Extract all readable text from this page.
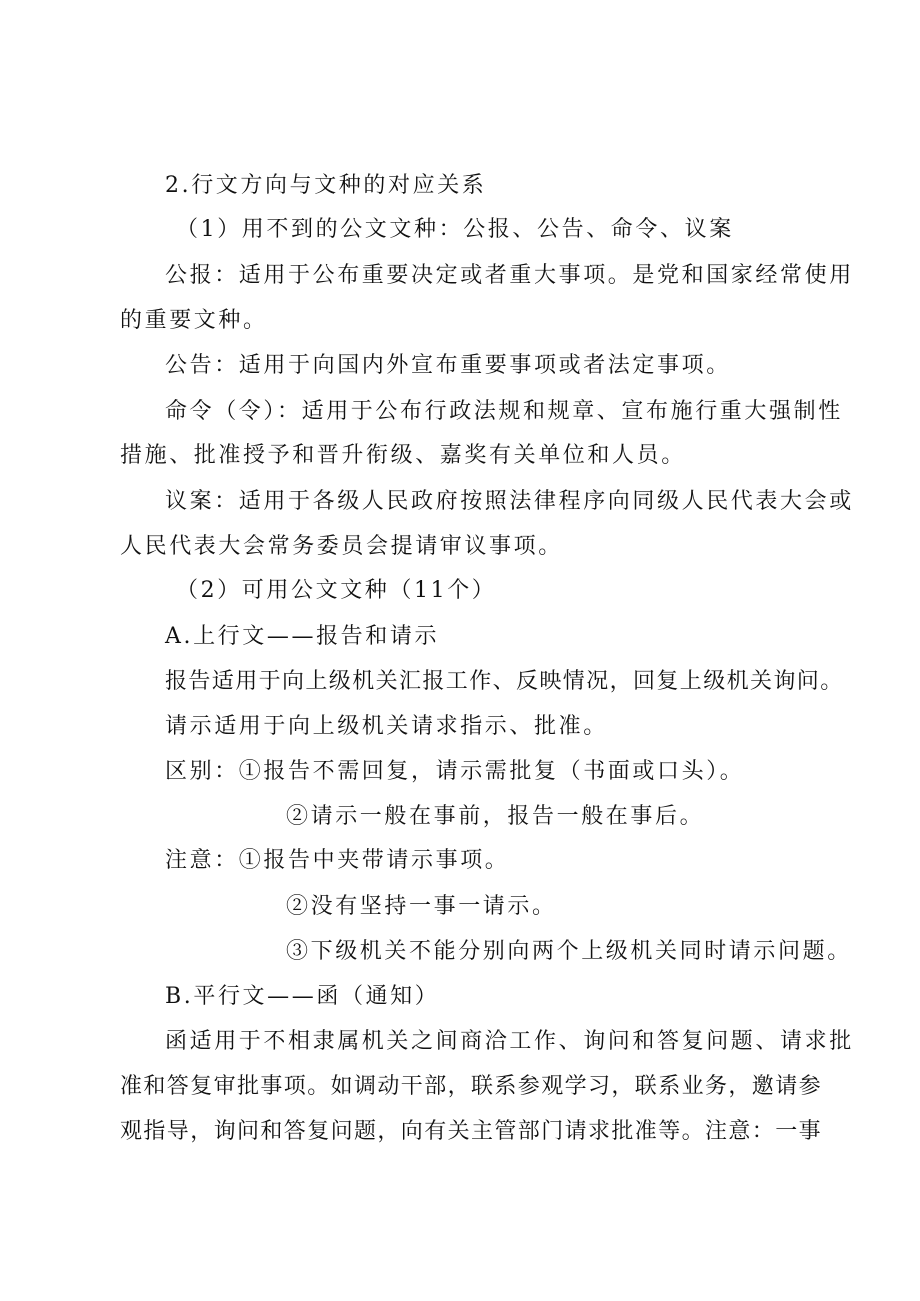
2.行文方向与文种的对应关系
（1）用不到的公文文种：公报、公告、命令、议案
公报：适用于公布重要决定或者重大事项。是党和国家经常使用
的重要文种。
公告：适用于向国内外宣布重要事项或者法定事项。
命令（令）：适用于公布行政法规和规章、宣布施行重大强制性
措施、批准授予和晋升衔级、嘉奖有关单位和人员。
议案：适用于各级人民政府按照法律程序向同级人民代表大会或
人民代表大会常务委员会提请审议事项。
（2）可用公文文种（11个）
A.上行文——报告和请示
报告适用于向上级机关汇报工作、反映情况，回复上级机关询问。
请示适用于向上级机关请求指示、批准。
区别：①报告不需回复，请示需批复（书面或口头）。
②请示一般在事前，报告一般在事后。
注意：①报告中夹带请示事项。
②没有坚持一事一请示。
③下级机关不能分别向两个上级机关同时请示问题。
B.平行文——函（通知）
函适用于不相隶属机关之间商洽工作、询问和答复问题、请求批
准和答复审批事项。如调动干部，联系参观学习，联系业务，邀请参
观指导，询问和答复问题，向有关主管部门请求批准等。注意：一事
